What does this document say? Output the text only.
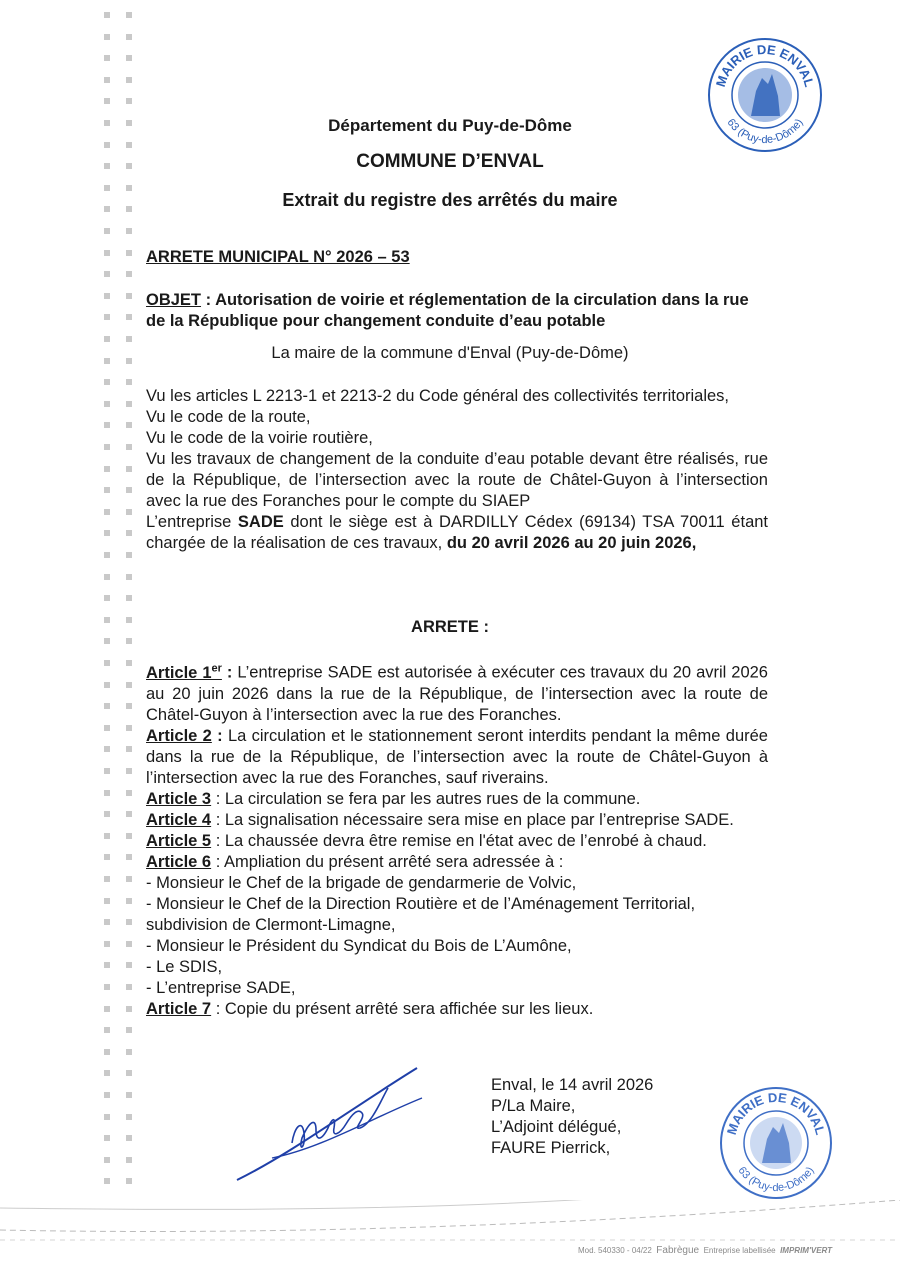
MAIRIE DE ENVAL
63 (Puy-de-Dôme)
Département du Puy-de-Dôme
COMMUNE D’ENVAL
Extrait du registre des arrêtés du maire
ARRETE MUNICIPAL N° 2026 – 53
OBJET : Autorisation de voirie et réglementation de la circulation dans la rue de la République pour changement conduite d’eau potable
La maire de la commune d'Enval (Puy-de-Dôme)

Vu les articles L 2213-1 et 2213-2 du Code général des collectivités territoriales,

Vu le code de la route,

Vu le code de la voirie routière,

Vu les travaux de changement de la conduite d’eau potable devant être réalisés, rue de la République, de l’intersection avec la route de Châtel-Guyon à l’intersection avec la rue des Foranches pour le compte du SIAEP

L’entreprise SADE dont le siège est à DARDILLY Cédex (69134) TSA 70011 étant chargée de la réalisation de ces travaux, du 20 avril 2026 au 20 juin 2026,

ARRETE :

Article 1er : L’entreprise SADE est autorisée à exécuter ces travaux du 20 avril 2026 au 20 juin 2026 dans la rue de la République, de l’intersection avec la route de Châtel-Guyon à l’intersection avec la rue des Foranches.

Article 2 : La circulation et le stationnement seront interdits pendant la même durée dans la rue de la République, de l’intersection avec la route de Châtel-Guyon à l’intersection avec la rue des Foranches, sauf riverains.

Article 3 : La circulation se fera par les autres rues de la commune.

Article 4 : La signalisation nécessaire sera mise en place par l’entreprise SADE.

Article 5 : La chaussée devra être remise en l'état avec de l’enrobé à chaud.

Article 6 : Ampliation du présent arrêté sera adressée à :

- Monsieur le Chef de la brigade de gendarmerie de Volvic,

- Monsieur le Chef de la Direction Routière et de l’Aménagement Territorial, subdivision de Clermont-Limagne,

- Monsieur le Président du Syndicat du Bois de L’Aumône,

- Le SDIS,

- L’entreprise SADE,

Article 7 : Copie du présent arrêté sera affichée sur les lieux.

Enval, le 14 avril 2026
P/La Maire,
L’Adjoint délégué,
FAURE Pierrick,
MAIRIE DE ENVAL
63 (Puy-de-Dôme)
Mod. 540330 - 04/22 Fabrègue Entreprise labellisée IMPRIM'VERT
